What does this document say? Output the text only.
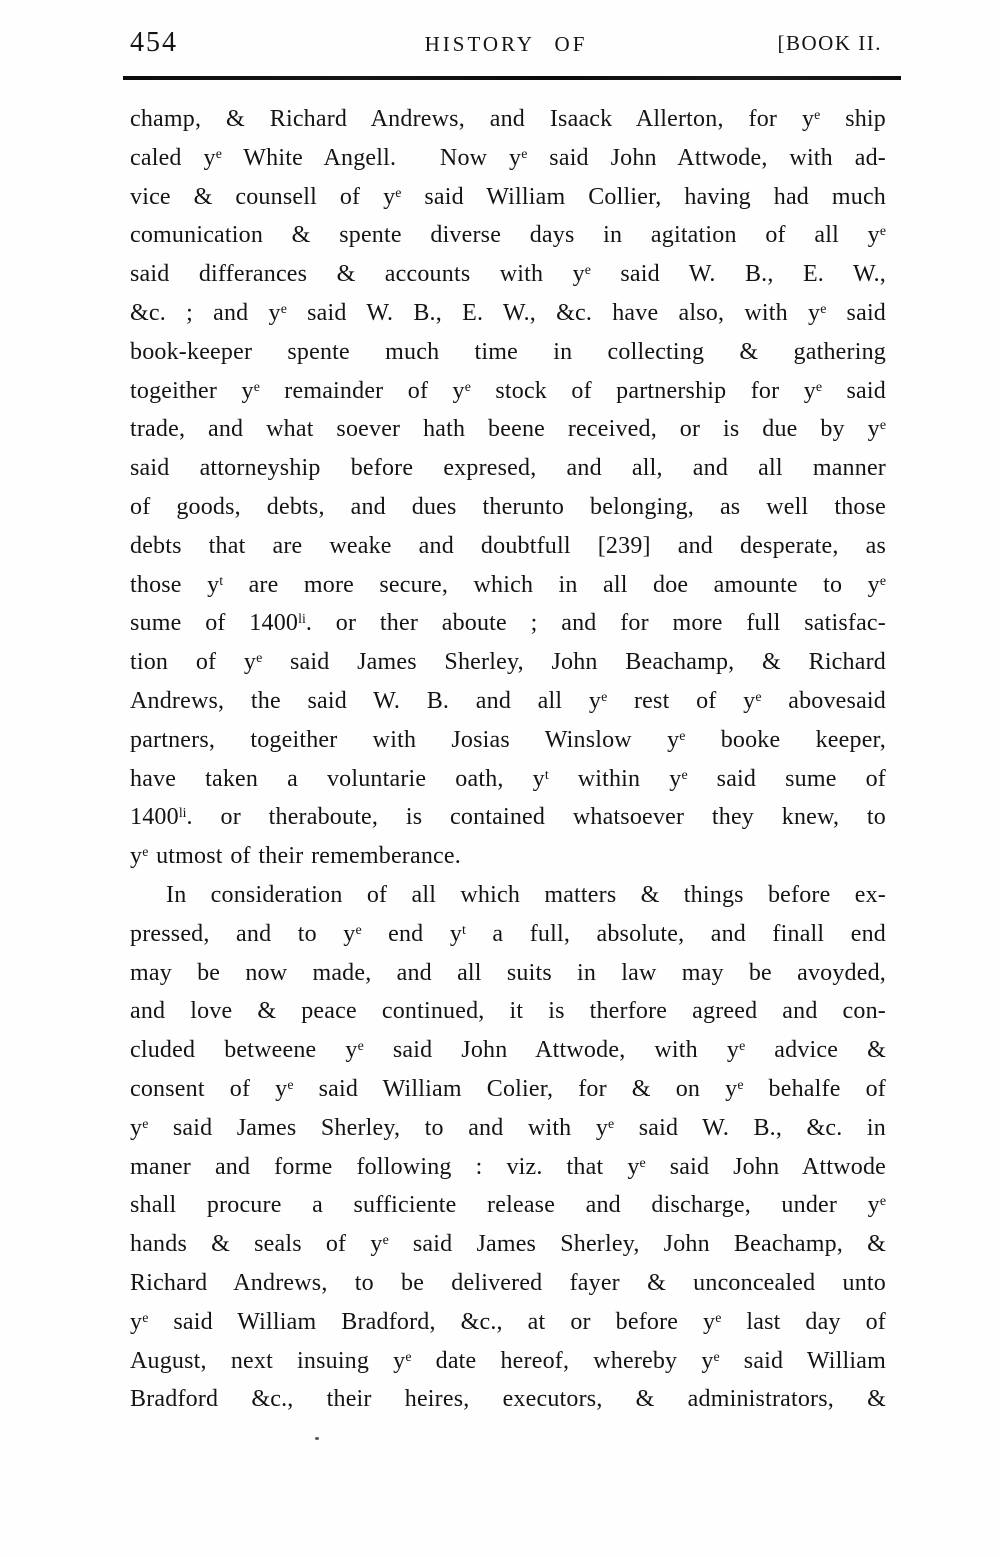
454	HISTORY OF	[BOOK II.
champ, & Richard Andrews, and Isaack Allerton, for $y^e$ ship
caled $y^e$ White Angell.  Now $y^e$ said John Attwode, with ad-
vice & counsell of $y^e$ said William Collier, having had much
comunication & spente diverse days in agitation of all $y^e$
said differances & accounts with $y^e$ said W. B., E. W.,
&c. ; and $y^e$ said W. B., E. W., &c. have also, with $y^e$ said
book-keeper spente much time in collecting & gathering
togeither $y^e$ remainder of $y^e$ stock of partnership for $y^e$ said
trade, and what soever hath beene received, or is due by $y^e$
said attorneyship before expresed, and all, and all manner
of goods, debts, and dues therunto belonging, as well those
debts that are weake and doubtfull [239] and desperate, as
those $y^t$ are more secure, which in all doe amounte to $y^e$
sume of $1400^{li}$. or ther aboute ; and for more full satisfac-
tion of $y^e$ said James Sherley, John Beachamp, & Richard
Andrews, the said W. B. and all $y^e$ rest of $y^e$ abovesaid
partners, togeither with Josias Winslow $y^e$ booke keeper,
have taken a voluntarie oath, $y^t$ within $y^e$ said sume of
$1400^{li}$. or theraboute, is contained whatsoever they knew, to
$y^e$ utmost of their rememberance.
In consideration of all which matters & things before ex-
pressed, and to $y^e$ end $y^t$ a full, absolute, and finall end
may be now made, and all suits in law may be avoyded,
and love & peace continued, it is therfore agreed and con-
cluded betweene $y^e$ said John Attwode, with $y^e$ advice &
consent of $y^e$ said William Colier, for & on $y^e$ behalfe of
$y^e$ said James Sherley, to and with $y^e$ said W. B., &c. in
maner and forme following : viz. that $y^e$ said John Attwode
shall procure a sufficiente release and discharge, under $y^e$
hands & seals of $y^e$ said James Sherley, John Beachamp, &
Richard Andrews, to be delivered fayer & unconcealed unto
$y^e$ said William Bradford, &c., at or before $y^e$ last day of
August, next insuing $y^e$ date hereof, whereby $y^e$ said William
Bradford &c., their heires, executors, & administrators, &
